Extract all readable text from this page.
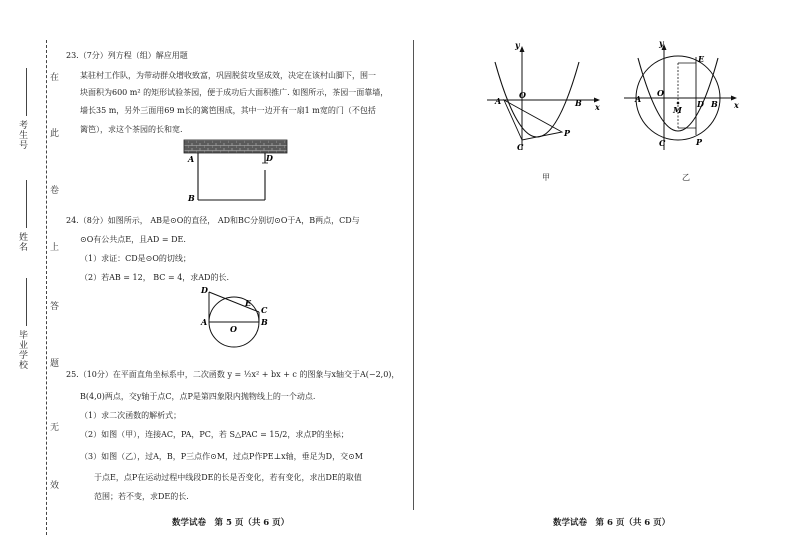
在
此
卷
上
答
题
无
效
考生号
姓名
毕业学校
23.（7分）列方程（组）解应用题
某驻村工作队，为带动群众增收致富，巩固脱贫攻坚成效，决定在该村山脚下，围一
块面积为600 m² 的矩形试验茶园，便于成功后大面积推广. 如图所示，茶园一面靠墙，
墙长35 m，另外三面用69 m长的篱笆围成，其中一边开有一扇1 m宽的门（不包括
篱笆），求这个茶园的长和宽.
A
B
D
24.（8分）如图所示， AB是⊙O的直径， AD和BC分别切⊙O于A，B两点，CD与
⊙O有公共点E，且AD = DE.
（1）求证：CD是⊙O的切线；
（2）若AB = 12， BC = 4，求AD的长.
D
E
C
A
O
B
25.（10分）在平面直角坐标系中，二次函数 y = ½x² + bx + c 的图象与x轴交于A(−2,0)，
B(4,0)两点，交y轴于点C，点P是第四象限内抛物线上的一个动点.
（1）求二次函数的解析式；
（2）如图（甲），连接AC，PA，PC，若 S△PAC = 15/2，求点P的坐标；
（3）如图（乙），过A，B，P三点作⊙M，过点P作PE⊥x轴，垂足为D，交⊙M
于点E，点P在运动过程中线段DE的长是否变化，若有变化，求出DE的取值
范围；若不变，求DE的长.
数学试卷　第 5 页（共 6 页）
y
x
A
O
B
C
P
甲
y
x
E
A
O
D B
M
C	P
乙
数学试卷　第 6 页（共 6 页）
